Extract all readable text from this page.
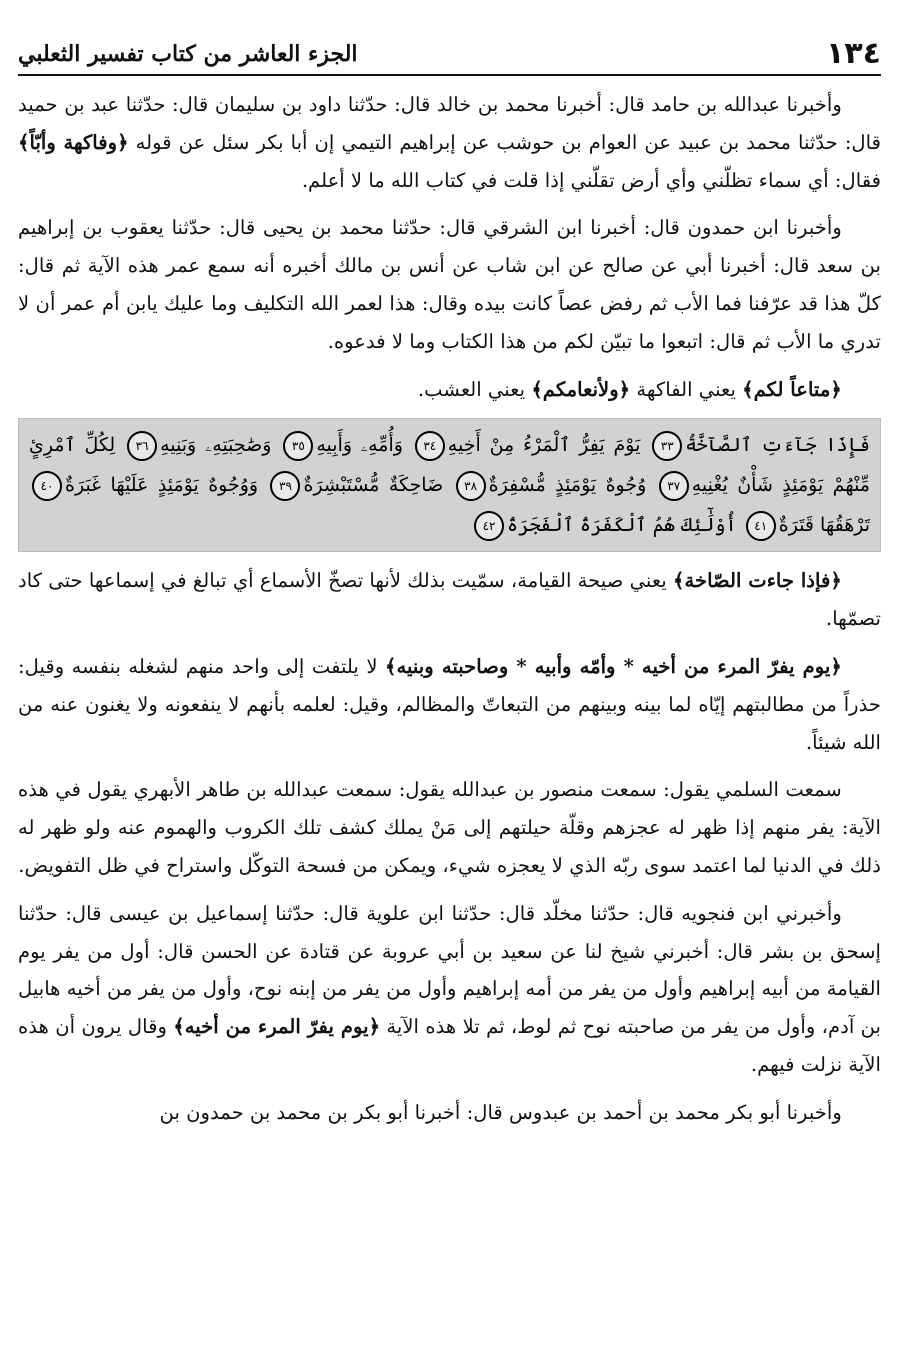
١٣٤
الجزء العاشر من كتاب تفسير الثعلبي

وأخبرنا عبدالله بن حامد قال: أخبرنا محمد بن خالد قال: حدّثنا داود بن سليمان قال: حدّثنا عبد بن حميد قال: حدّثنا محمد بن عبيد عن العوام بن حوشب عن إبراهيم التيمي إن أبا بكر سئل عن قوله ﴿وفاكهة وأبّاً﴾ فقال: أي سماء تظلّني وأي أرض تقلّني إذا قلت في كتاب الله ما لا أعلم.

وأخبرنا ابن حمدون قال: أخبرنا ابن الشرقي قال: حدّثنا محمد بن يحيى قال: حدّثنا يعقوب بن إبراهيم بن سعد قال: أخبرنا أبي عن صالح عن ابن شاب عن أنس بن مالك أخبره أنه سمع عمر هذه الآية ثم قال: كلّ هذا قد عرّفنا فما الأب ثم رفض عصاً كانت بيده وقال: هذا لعمر الله التكليف وما عليك يابن أم عمر أن لا تدري ما الأب ثم قال: اتبعوا ما تبيّن لكم من هذا الكتاب وما لا فدعوه.

﴿متاعاً لكم﴾ يعني الفاكهة ﴿ولأنعامكم﴾ يعني العشب.

فَإِذَا جَآءَتِ ٱلصَّآخَّةُ٣٣ يَوْمَ يَفِرُّ ٱلْمَرْءُ مِنْ أَخِيهِ٣٤ وَأُمِّهِۦ وَأَبِيهِ٣٥ وَصَٰحِبَتِهِۦ وَبَنِيهِ٣٦ لِكُلِّ ٱمْرِئٍ مِّنْهُمْ يَوْمَئِذٍ شَأْنٌ يُغْنِيهِ٣٧ وُجُوهٌ يَوْمَئِذٍ مُّسْفِرَةٌ٣٨ ضَاحِكَةٌ مُّسْتَبْشِرَةٌ٣٩ وَوُجُوهٌ يَوْمَئِذٍ عَلَيْهَا غَبَرَةٌ٤٠ تَرْهَقُهَا قَتَرَةٌ٤١ أُوْلَٰٓئِكَ هُمُ ٱلْكَفَرَةُ ٱلْفَجَرَةُ٤٢

﴿فإذا جاءت الصّاخة﴾ يعني صيحة القيامة، سمّيت بذلك لأنها تصخّ الأسماع أي تبالغ في إسماعها حتى كاد تصمّها.

﴿يوم يفرّ المرء من أخيه * وأمّه وأبيه * وصاحبته وبنيه﴾ لا يلتفت إلى واحد منهم لشغله بنفسه وقيل: حذراً من مطالبتهم إيّاه لما بينه وبينهم من التبعاتّ والمظالم، وقيل: لعلمه بأنهم لا ينفعونه ولا يغنون عنه من الله شيئاً.

سمعت السلمي يقول: سمعت منصور بن عبدالله يقول: سمعت عبدالله بن طاهر الأبهري يقول في هذه الآية: يفر منهم إذا ظهر له عجزهم وقلّة حيلتهم إلى مَنْ يملك كشف تلك الكروب والهموم عنه ولو ظهر له ذلك في الدنيا لما اعتمد سوى ربّه الذي لا يعجزه شيء، ويمكن من فسحة التوكّل واستراح في ظل التفويض.

وأخبرني ابن فنجويه قال: حدّثنا مخلّد قال: حدّثنا ابن علوية قال: حدّثنا إسماعيل بن عيسى قال: حدّثنا إسحق بن بشر قال: أخبرني شيخ لنا عن سعيد بن أبي عروبة عن قتادة عن الحسن قال: أول من يفر يوم القيامة من أبيه إبراهيم وأول من يفر من أمه إبراهيم وأول من يفر من إبنه نوح، وأول من يفر من أخيه هابيل بن آدم، وأول من يفر من صاحبته نوح ثم لوط، ثم تلا هذه الآية ﴿يوم يفرّ المرء من أخيه﴾ وقال يرون أن هذه الآية نزلت فيهم.

وأخبرنا أبو بكر محمد بن أحمد بن عبدوس قال: أخبرنا أبو بكر بن محمد بن حمدون بن
